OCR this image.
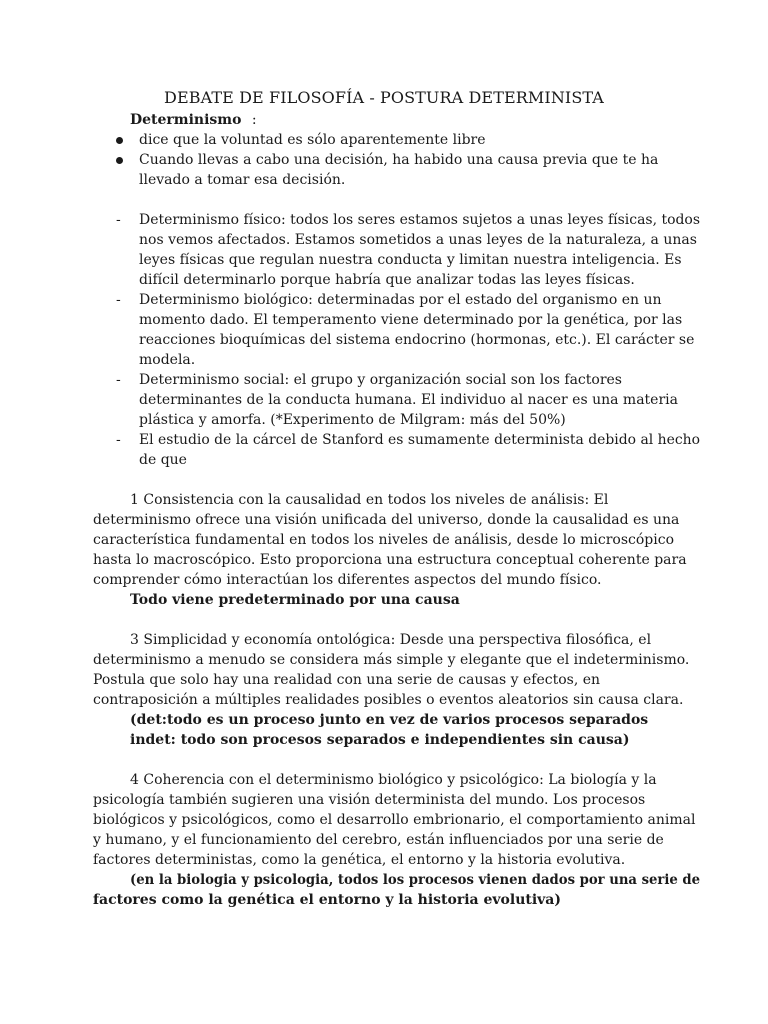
DEBATE DE FILOSOFÍA - POSTURA DETERMINISTA
Determinismo :
dice que la voluntad es sólo aparentemente libre
Cuando llevas a cabo una decisión, ha habido una causa previa que te ha
llevado a tomar esa decisión.
- Determinismo físico: todos los seres estamos sujetos a unas leyes físicas, todos
nos vemos afectados. Estamos sometidos a unas leyes de la naturaleza, a unas
leyes físicas que regulan nuestra conducta y limitan nuestra inteligencia. Es
difícil determinarlo porque habría que analizar todas las leyes físicas.
- Determinismo biológico: determinadas por el estado del organismo en un
momento dado. El temperamento viene determinado por la genética, por las
reacciones bioquímicas del sistema endocrino (hormonas, etc.). El carácter se
modela.
- Determinismo social: el grupo y organización social son los factores
determinantes de la conducta humana. El individuo al nacer es una materia
plástica y amorfa. (*Experimento de Milgram: más del 50%)
- El estudio de la cárcel de Stanford es sumamente determinista debido al hecho
de que
1 Consistencia con la causalidad en todos los niveles de análisis: El
determinismo ofrece una visión unificada del universo, donde la causalidad es una
característica fundamental en todos los niveles de análisis, desde lo microscópico
hasta lo macroscópico. Esto proporciona una estructura conceptual coherente para
comprender cómo interactúan los diferentes aspectos del mundo físico.
Todo viene predeterminado por una causa
3 Simplicidad y economía ontológica: Desde una perspectiva filosófica, el
determinismo a menudo se considera más simple y elegante que el indeterminismo.
Postula que solo hay una realidad con una serie de causas y efectos, en
contraposición a múltiples realidades posibles o eventos aleatorios sin causa clara.
(det:todo es un proceso junto en vez de varios procesos separados
indet: todo son procesos separados e independientes sin causa)
4 Coherencia con el determinismo biológico y psicológico: La biología y la
psicología también sugieren una visión determinista del mundo. Los procesos
biológicos y psicológicos, como el desarrollo embrionario, el comportamiento animal
y humano, y el funcionamiento del cerebro, están influenciados por una serie de
factores deterministas, como la genética, el entorno y la historia evolutiva.
(en la biologia y psicologia, todos los procesos vienen dados por una serie de
factores como la genética el entorno y la historia evolutiva)
